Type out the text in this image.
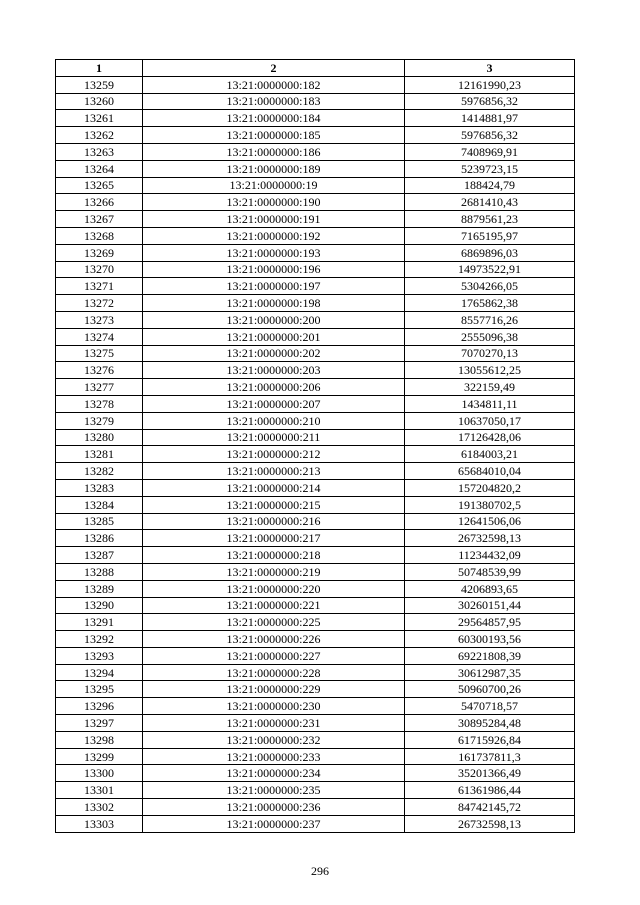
1	2	3
13259	13:21:0000000:182	12161990,23
13260	13:21:0000000:183	5976856,32
13261	13:21:0000000:184	1414881,97
13262	13:21:0000000:185	5976856,32
13263	13:21:0000000:186	7408969,91
13264	13:21:0000000:189	5239723,15
13265	13:21:0000000:19	188424,79
13266	13:21:0000000:190	2681410,43
13267	13:21:0000000:191	8879561,23
13268	13:21:0000000:192	7165195,97
13269	13:21:0000000:193	6869896,03
13270	13:21:0000000:196	14973522,91
13271	13:21:0000000:197	5304266,05
13272	13:21:0000000:198	1765862,38
13273	13:21:0000000:200	8557716,26
13274	13:21:0000000:201	2555096,38
13275	13:21:0000000:202	7070270,13
13276	13:21:0000000:203	13055612,25
13277	13:21:0000000:206	322159,49
13278	13:21:0000000:207	1434811,11
13279	13:21:0000000:210	10637050,17
13280	13:21:0000000:211	17126428,06
13281	13:21:0000000:212	6184003,21
13282	13:21:0000000:213	65684010,04
13283	13:21:0000000:214	157204820,2
13284	13:21:0000000:215	191380702,5
13285	13:21:0000000:216	12641506,06
13286	13:21:0000000:217	26732598,13
13287	13:21:0000000:218	11234432,09
13288	13:21:0000000:219	50748539,99
13289	13:21:0000000:220	4206893,65
13290	13:21:0000000:221	30260151,44
13291	13:21:0000000:225	29564857,95
13292	13:21:0000000:226	60300193,56
13293	13:21:0000000:227	69221808,39
13294	13:21:0000000:228	30612987,35
13295	13:21:0000000:229	50960700,26
13296	13:21:0000000:230	5470718,57
13297	13:21:0000000:231	30895284,48
13298	13:21:0000000:232	61715926,84
13299	13:21:0000000:233	161737811,3
13300	13:21:0000000:234	35201366,49
13301	13:21:0000000:235	61361986,44
13302	13:21:0000000:236	84742145,72
13303	13:21:0000000:237	26732598,13
296
